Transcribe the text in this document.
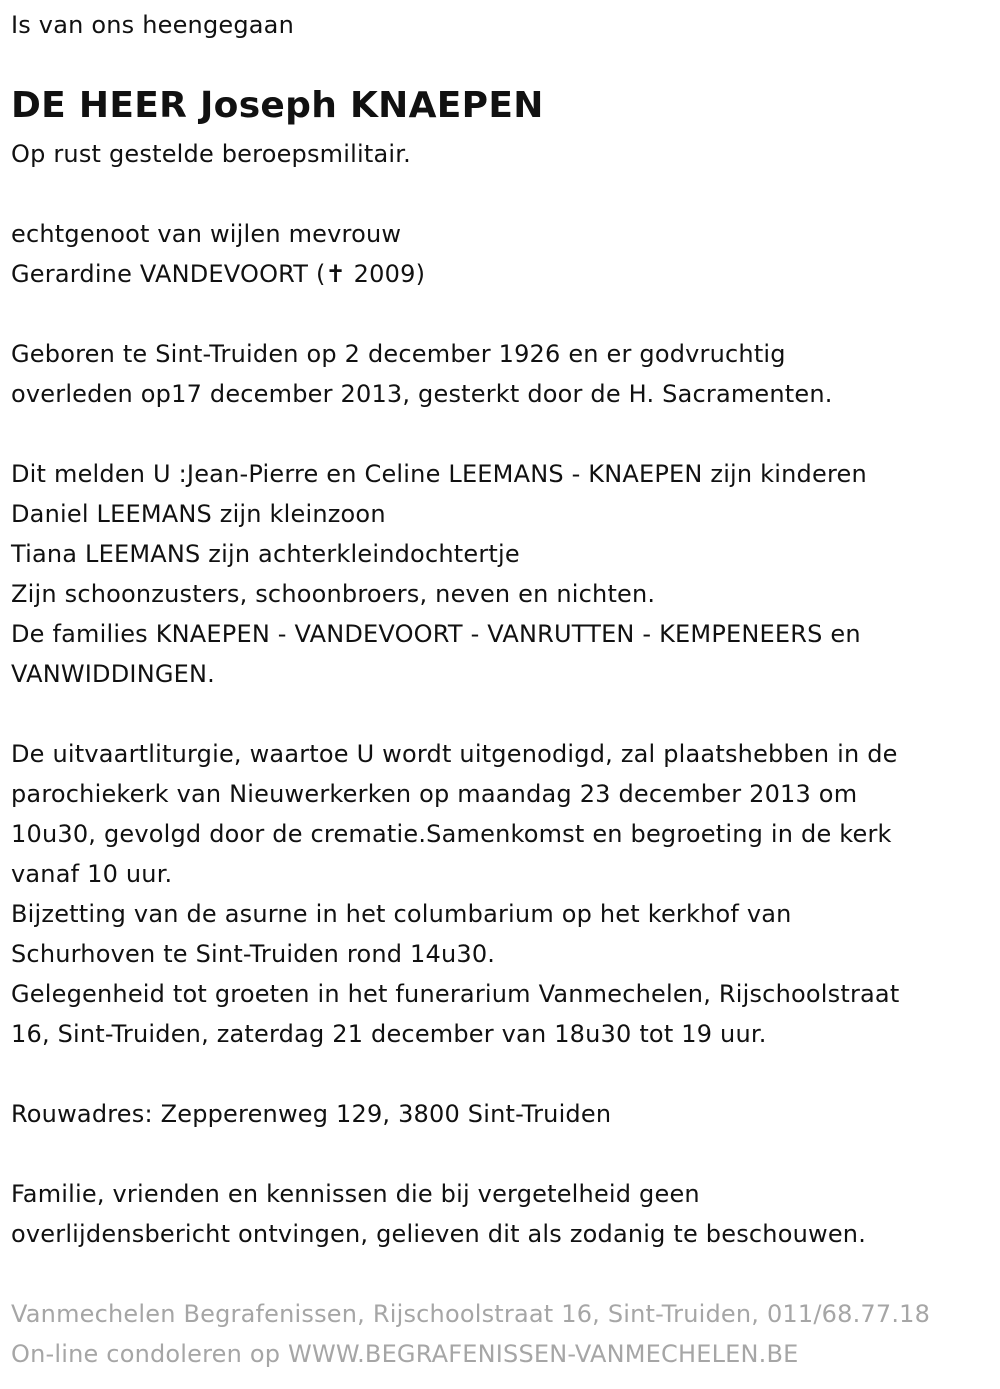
Is van ons heengegaan
DE HEER Joseph KNAEPEN
Op rust gestelde beroepsmilitair.
echtgenoot van wijlen mevrouw
Gerardine VANDEVOORT (✝ 2009)
Geboren te Sint-Truiden op 2 december 1926 en er godvruchtig
overleden op17 december 2013, gesterkt door de H. Sacramenten.
Dit melden U :Jean-Pierre en Celine LEEMANS - KNAEPEN zijn kinderen
Daniel LEEMANS zijn kleinzoon
Tiana LEEMANS zijn achterkleindochtertje
Zijn schoonzusters, schoonbroers, neven en nichten.
De families KNAEPEN - VANDEVOORT - VANRUTTEN - KEMPENEERS en
VANWIDDINGEN.
De uitvaartliturgie, waartoe U wordt uitgenodigd, zal plaatshebben in de
parochiekerk van Nieuwerkerken op maandag 23 december 2013 om
10u30, gevolgd door de crematie.Samenkomst en begroeting in de kerk
vanaf 10 uur.
Bijzetting van de asurne in het columbarium op het kerkhof van
Schurhoven te Sint-Truiden rond 14u30.
Gelegenheid tot groeten in het funerarium Vanmechelen, Rijschoolstraat
16, Sint-Truiden, zaterdag 21 december van 18u30 tot 19 uur.
Rouwadres: Zepperenweg 129, 3800 Sint-Truiden
Familie, vrienden en kennissen die bij vergetelheid geen
overlijdensbericht ontvingen, gelieven dit als zodanig te beschouwen.
Vanmechelen Begrafenissen, Rijschoolstraat 16, Sint-Truiden, 011/68.77.18
On-line condoleren op WWW.BEGRAFENISSEN-VANMECHELEN.BE
